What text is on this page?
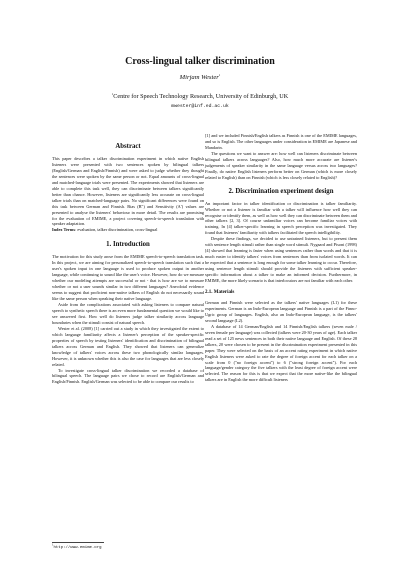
Cross-lingual talker discrimination
Mirjam Wester$^1$
$^1$Centre for Speech Technology Research, University of Edinburgh, UK
mwester@inf.ed.ac.uk
Abstract

This paper describes a talker discrimination experiment in which native English listeners were presented with two sentences spoken by bilingual talkers (English/German and English/Finnish) and were asked to judge whether they thought the sentences were spoken by the same person or not. Equal amounts of cross-lingual and matched-language trials were presented. The experiments showed that listeners are able to complete this task well, they can discriminate between talkers significantly better than chance. However, listeners are significantly less accurate on cross-lingual talker trials than on matched-language pairs. No significant differences were found on this task between German and Finnish. Bias (B″) and Sensitivity (A′) values are presented to analyse the listeners' behaviour in more detail. The results are promising for the evaluation of EMIME, a project covering speech-to-speech translation with speaker adaptation.

Index Terms: evaluation, talker discrimination, cross-lingual

1. Introduction

The motivation for this study arose from the EMIME speech-to-speech translation task. In this project, we are aiming for personalized speech-to-speech translation such that a user's spoken input in one language is used to produce spoken output in another language, while continuing to sound like the user's voice. However, how do we measure whether our modeling attempts are successful or not - that is how are we to measure whether or not a user sounds similar in two different languages? Anecdotal evidence seems to suggest that proficient non-native talkers of English do not necessarily sound like the same person when speaking their native language.

Aside from the complications associated with asking listeners to compare natural speech to synthetic speech there is an even more fundamental question we would like to see answered first. How well do listeners judge talker similarity across language boundaries when the stimuli consist of natural speech.

Wester et al. (2008) [1] carried out a study in which they investigated the extent to which language familiarity affects a listener's perception of the speaker-specific properties of speech by testing listeners' identification and discrimination of bilingual talkers across German and English. They showed that listeners can generalize knowledge of talkers' voices across these two phonologically similar languages. However, it is unknown whether this is also the case for languages that are less closely related.

To investigate cross-lingual talker discrimination we recorded a database of bilingual speech. The language pairs we chose to record are English/German and English/Finnish. English/German was selected to be able to compare our results to

[1] and we included Finnish/English talkers as Finnish is one of the EMIME languages, and so is English. The other languages under consideration in EMIME are Japanese and Mandarin.

The questions we want to answer are: how well can listeners discriminate between bilingual talkers across languages? Also, how much more accurate are listener's judgements of speaker similarity in the same language versus across two languages? Finally, do native English listeners perform better on German (which is more closely related to English) than on Finnish (which is less closely related to English)?

2. Discrimination experiment design

An important factor in talker identification or discrimination is talker familiarity. Whether or not a listener is familiar with a talker will influence how well they can recognise or identify them, as well as how well they can discriminate between them and other talkers [2, 3]. Of course unfamiliar voices can become familiar voices with training. In [4] talker-specific learning in speech perception was investigated. They found that listeners' familiarity with talkers facilitated the speech intelligibility.

Despite these findings, we decided to use untrained listeners, but to present them with sentence length stimuli rather than single word stimuli. Nygaard and Pisoni (1998) [4] showed that learning is faster when using sentences rather than words and that it is much easier to identify talkers' voices from sentences than from isolated words. It can be expected that a sentence is long enough for some talker learning to occur. Therefore, using sentence length stimuli should provide the listeners with sufficient speaker-specific information about a talker to make an informed decision. Furthermore, in EMIME, the more likely scenario is that interlocutors are not familiar with each other.

2.1. Materials

German and Finnish were selected as the talkers' native languages (L1) for these experiments. German is an Indo-European language and Finnish is a part of the Finno-Ugric group of languages. English, also an Indo-European language, is the talkers' second language (L2).

A database of 14 German/English and 14 Finnish/English talkers (seven male / seven female per language) was collected (talkers were 20-30 years of age). Each talker read a set of 125 news sentences in both their native language and English. Of these 28 talkers, 20 were chosen to be present in the discrimination experiment presented in this paper. They were selected on the basis of an accent rating experiment in which native English listeners were asked to rate the degree of foreign accent for each talker on a scale from 0 ("no foreign accent") to 6 ("strong foreign accent"). For each language/gender category the five talkers with the least degree of foreign accent were selected. The reason for this is that we expect that the more native-like the bilingual talkers are in English the more difficult listeners

$^1$http://www.emime.org
